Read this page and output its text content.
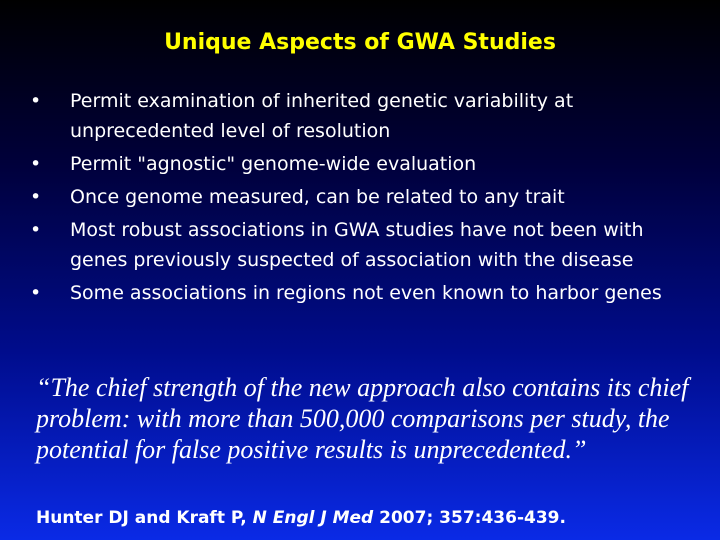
Unique Aspects of GWA Studies
•	Permit examination of inherited genetic variability at unprecedented level of resolution
•	Permit "agnostic" genome-wide evaluation
•	Once genome measured, can be related to any trait
•	Most robust associations in GWA studies have not been with genes previously suspected of association with the disease
•	Some associations in regions not even known to harbor genes
“The chief strength of the new approach also contains its chief problem: with more than 500,000 comparisons per study, the potential for false positive results is unprecedented.”
Hunter DJ and Kraft P, N Engl J Med 2007; 357:436-439.
